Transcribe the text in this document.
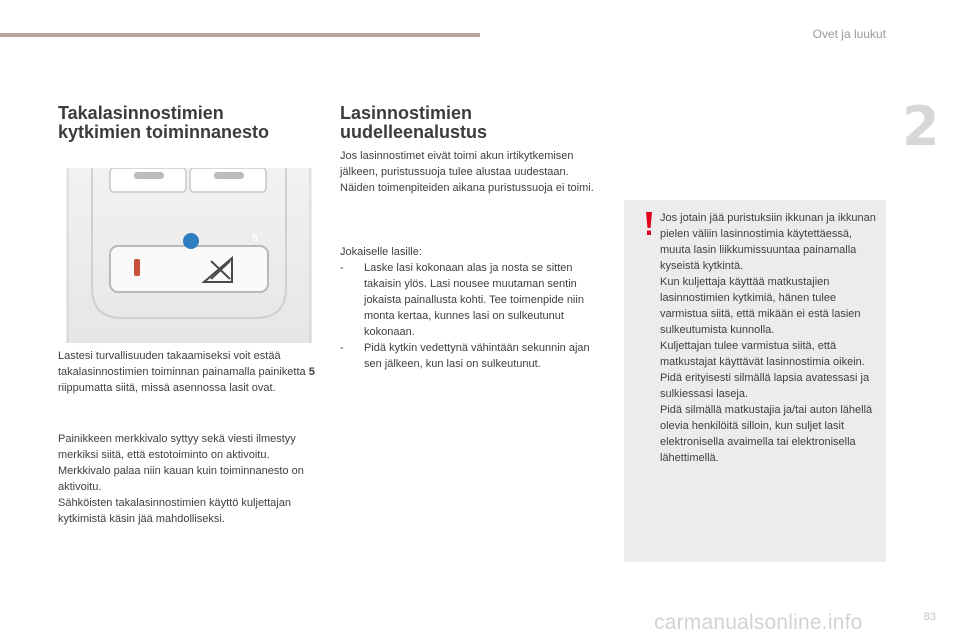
Ovet ja luukut
2
Takalasinnostimien
kytkimien toiminnanesto
5

Lastesi turvallisuuden takaamiseksi voit estää takalasinnostimien toiminnan painamalla painiketta 5 riippumatta siitä, missä asennossa lasit ovat.

Painikkeen merkkivalo syttyy sekä viesti ilmestyy merkiksi siitä, että estotoiminto on aktivoitu. Merkkivalo palaa niin kauan kuin toiminnanesto on aktivoitu.
Sähköisten takalasinnostimien käyttö kuljettajan kytkimistä käsin jää mahdolliseksi.
Lasinnostimien
uudelleenalustus
Jos lasinnostimet eivät toimi akun irtikytkemisen jälkeen, puristussuoja tulee alustaa uudestaan.
Näiden toimenpiteiden aikana puristussuoja ei toimi.
Jokaiselle lasille:
- Laske lasi kokonaan alas ja nosta se sitten takaisin ylös. Lasi nousee muutaman sentin jokaista painallusta kohti. Tee toimenpide niin monta kertaa, kunnes lasi on sulkeutunut kokonaan.
- Pidä kytkin vedettynä vähintään sekunnin ajan sen jälkeen, kun lasi on sulkeutunut.
Jos jotain jää puristuksiin ikkunan ja ikkunan pielen väliin lasinnostimia käytettäessä, muuta lasin liikkumissuuntaa painamalla kyseistä kytkintä.
Kun kuljettaja käyttää matkustajien lasinnostimien kytkimiä, hänen tulee varmistua siitä, että mikään ei estä lasien sulkeutumista kunnolla.
Kuljettajan tulee varmistua siitä, että matkustajat käyttävät lasinnostimia oikein.
Pidä erityisesti silmällä lapsia avatessasi ja sulkiessasi laseja.
Pidä silmällä matkustajia ja/tai auton lähellä olevia henkilöitä silloin, kun suljet lasit elektronisella avaimella tai elektronisella lähettimellä.
carmanualsonline.info	83
